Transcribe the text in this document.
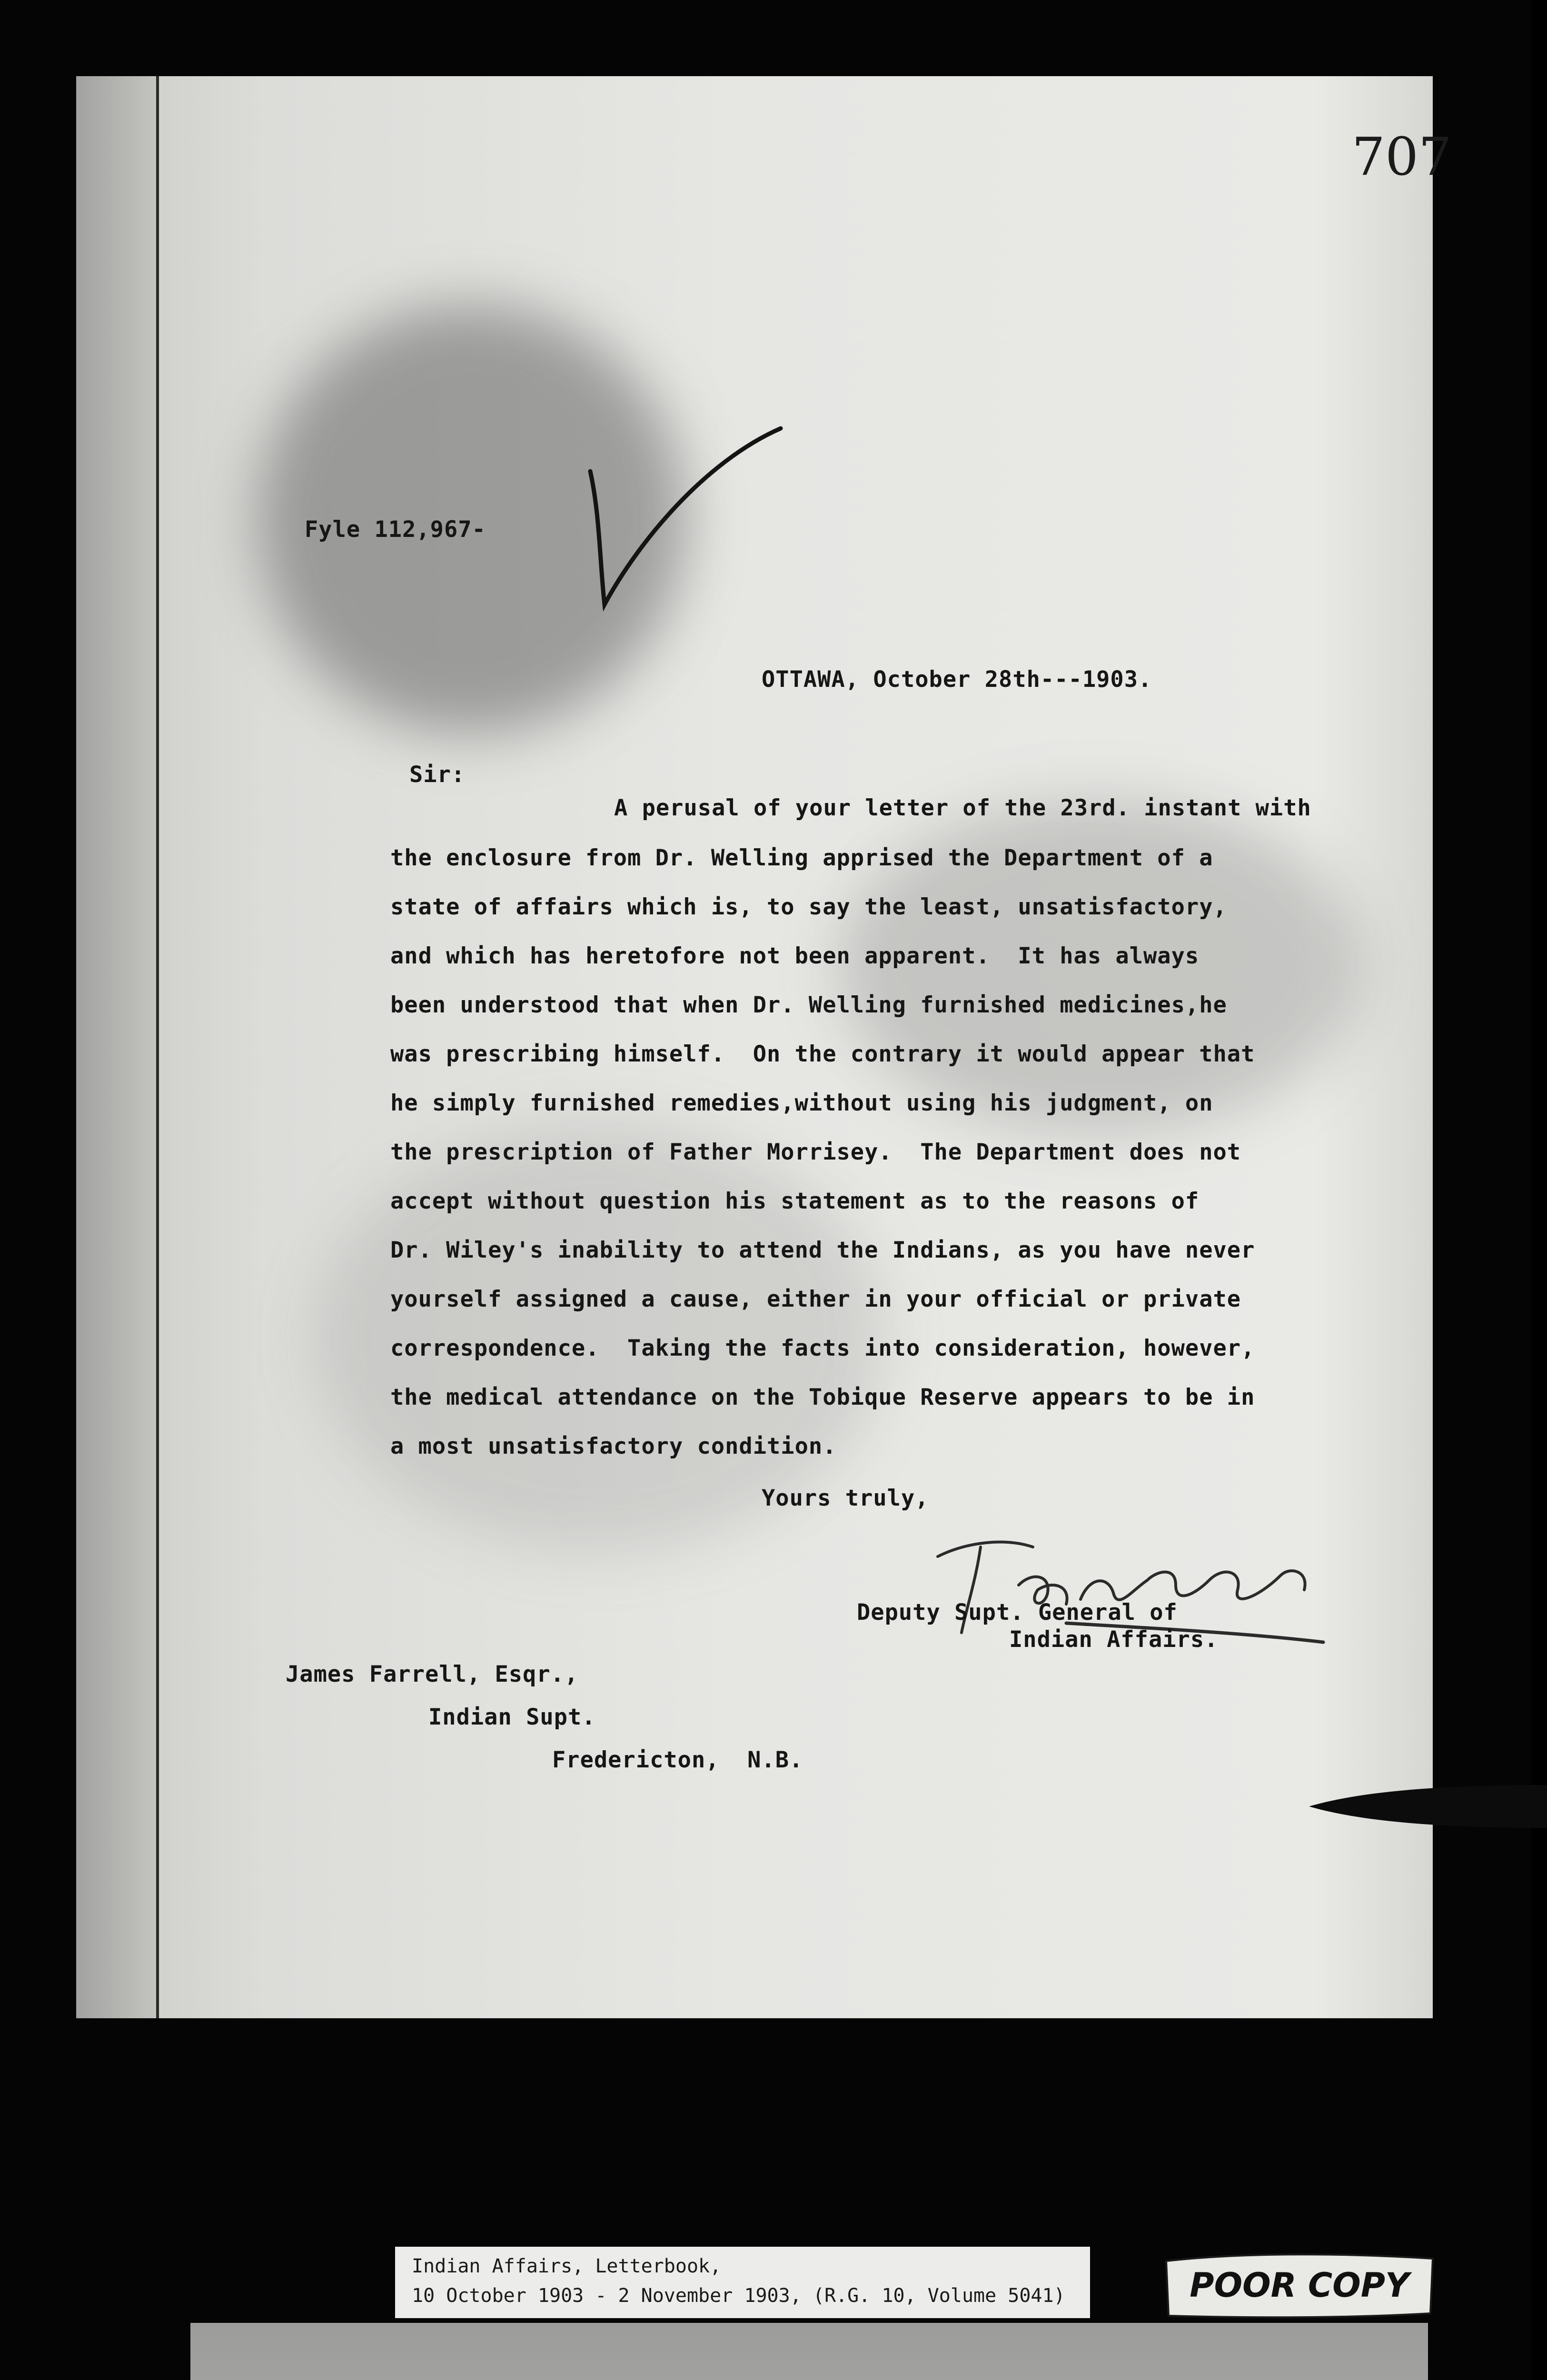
707
Fyle 112,967-
OTTAWA, October 28th---1903.
Sir:
A perusal of your letter of the 23rd. instant with
the enclosure from Dr. Welling apprised the Department of a
state of affairs which is, to say the least, unsatisfactory,
and which has heretofore not been apparent.  It has always
been understood that when Dr. Welling furnished medicines,he
was prescribing himself.  On the contrary it would appear that
he simply furnished remedies,without using his judgment, on
the prescription of Father Morrisey.  The Department does not
accept without question his statement as to the reasons of
Dr. Wiley's inability to attend the Indians, as you have never
yourself assigned a cause, either in your official or private
correspondence.  Taking the facts into consideration, however,
the medical attendance on the Tobique Reserve appears to be in
a most unsatisfactory condition.
Yours truly,
Deputy Supt. General of
Indian Affairs.
James Farrell, Esqr.,
Indian Supt.
Fredericton,  N.B.
Indian Affairs, Letterbook,
10 October 1903 - 2 November 1903, (R.G. 10, Volume 5041)	POOR COPY
